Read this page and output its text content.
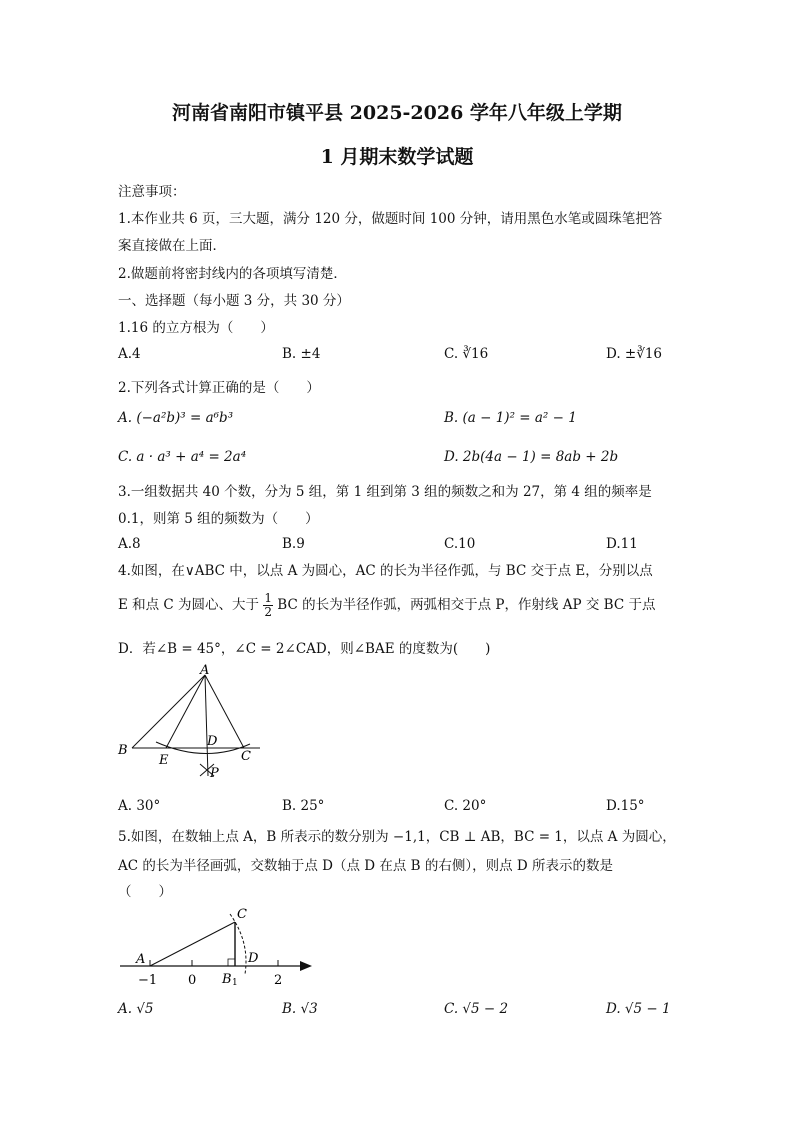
河南省南阳市镇平县 2025-2026 学年八年级上学期
1 月期末数学试题
注意事项：
1.本作业共 6 页，三大题，满分 120 分，做题时间 100 分钟，请用黑色水笔或圆珠笔把答
案直接做在上面．
2.做题前将密封线内的各项填写清楚．
一、选择题（每小题 3 分，共 30 分）
1.16 的立方根为（　　）
A.4	B. ±4	C. ∛16	D. ±∛16
2.下列各式计算正确的是（　　）
A. (−a²b)³ = a⁶b³	B. (a − 1)² = a² − 1
C. a · a³ + a⁴ = 2a⁴	D. 2b(4a − 1) = 8ab + 2b
3.一组数据共 40 个数，分为 5 组，第 1 组到第 3 组的频数之和为 27，第 4 组的频率是
0.1，则第 5 组的频数为（　　）
A.8	B.9	C.10	D.11
4.如图，在∨ABC 中，以点 A 为圆心，AC 的长为半径作弧，与 BC 交于点 E，分别以点
E 和点 C 为圆心、大于 $\frac{1}{2}$ BC 的长为半径作弧，两弧相交于点 P，作射线 AP 交 BC 于点
D．若∠B = 45°，∠C = 2∠CAD，则∠BAE 的度数为(　　)
A
B	C
D
E
P
A. 30°	B. 25°	C. 20°	D.15°
5.如图，在数轴上点 A，B 所表示的数分别为 −1,1，CB ⊥ AB，BC = 1，以点 A 为圆心，
AC 的长为半径画弧，交数轴于点 D（点 D 在点 B 的右侧），则点 D 所表示的数是
（　　）
A
C
D
B 1
−1 0	2
A. √5	B. √3	C. √5 − 2	D. √5 − 1
